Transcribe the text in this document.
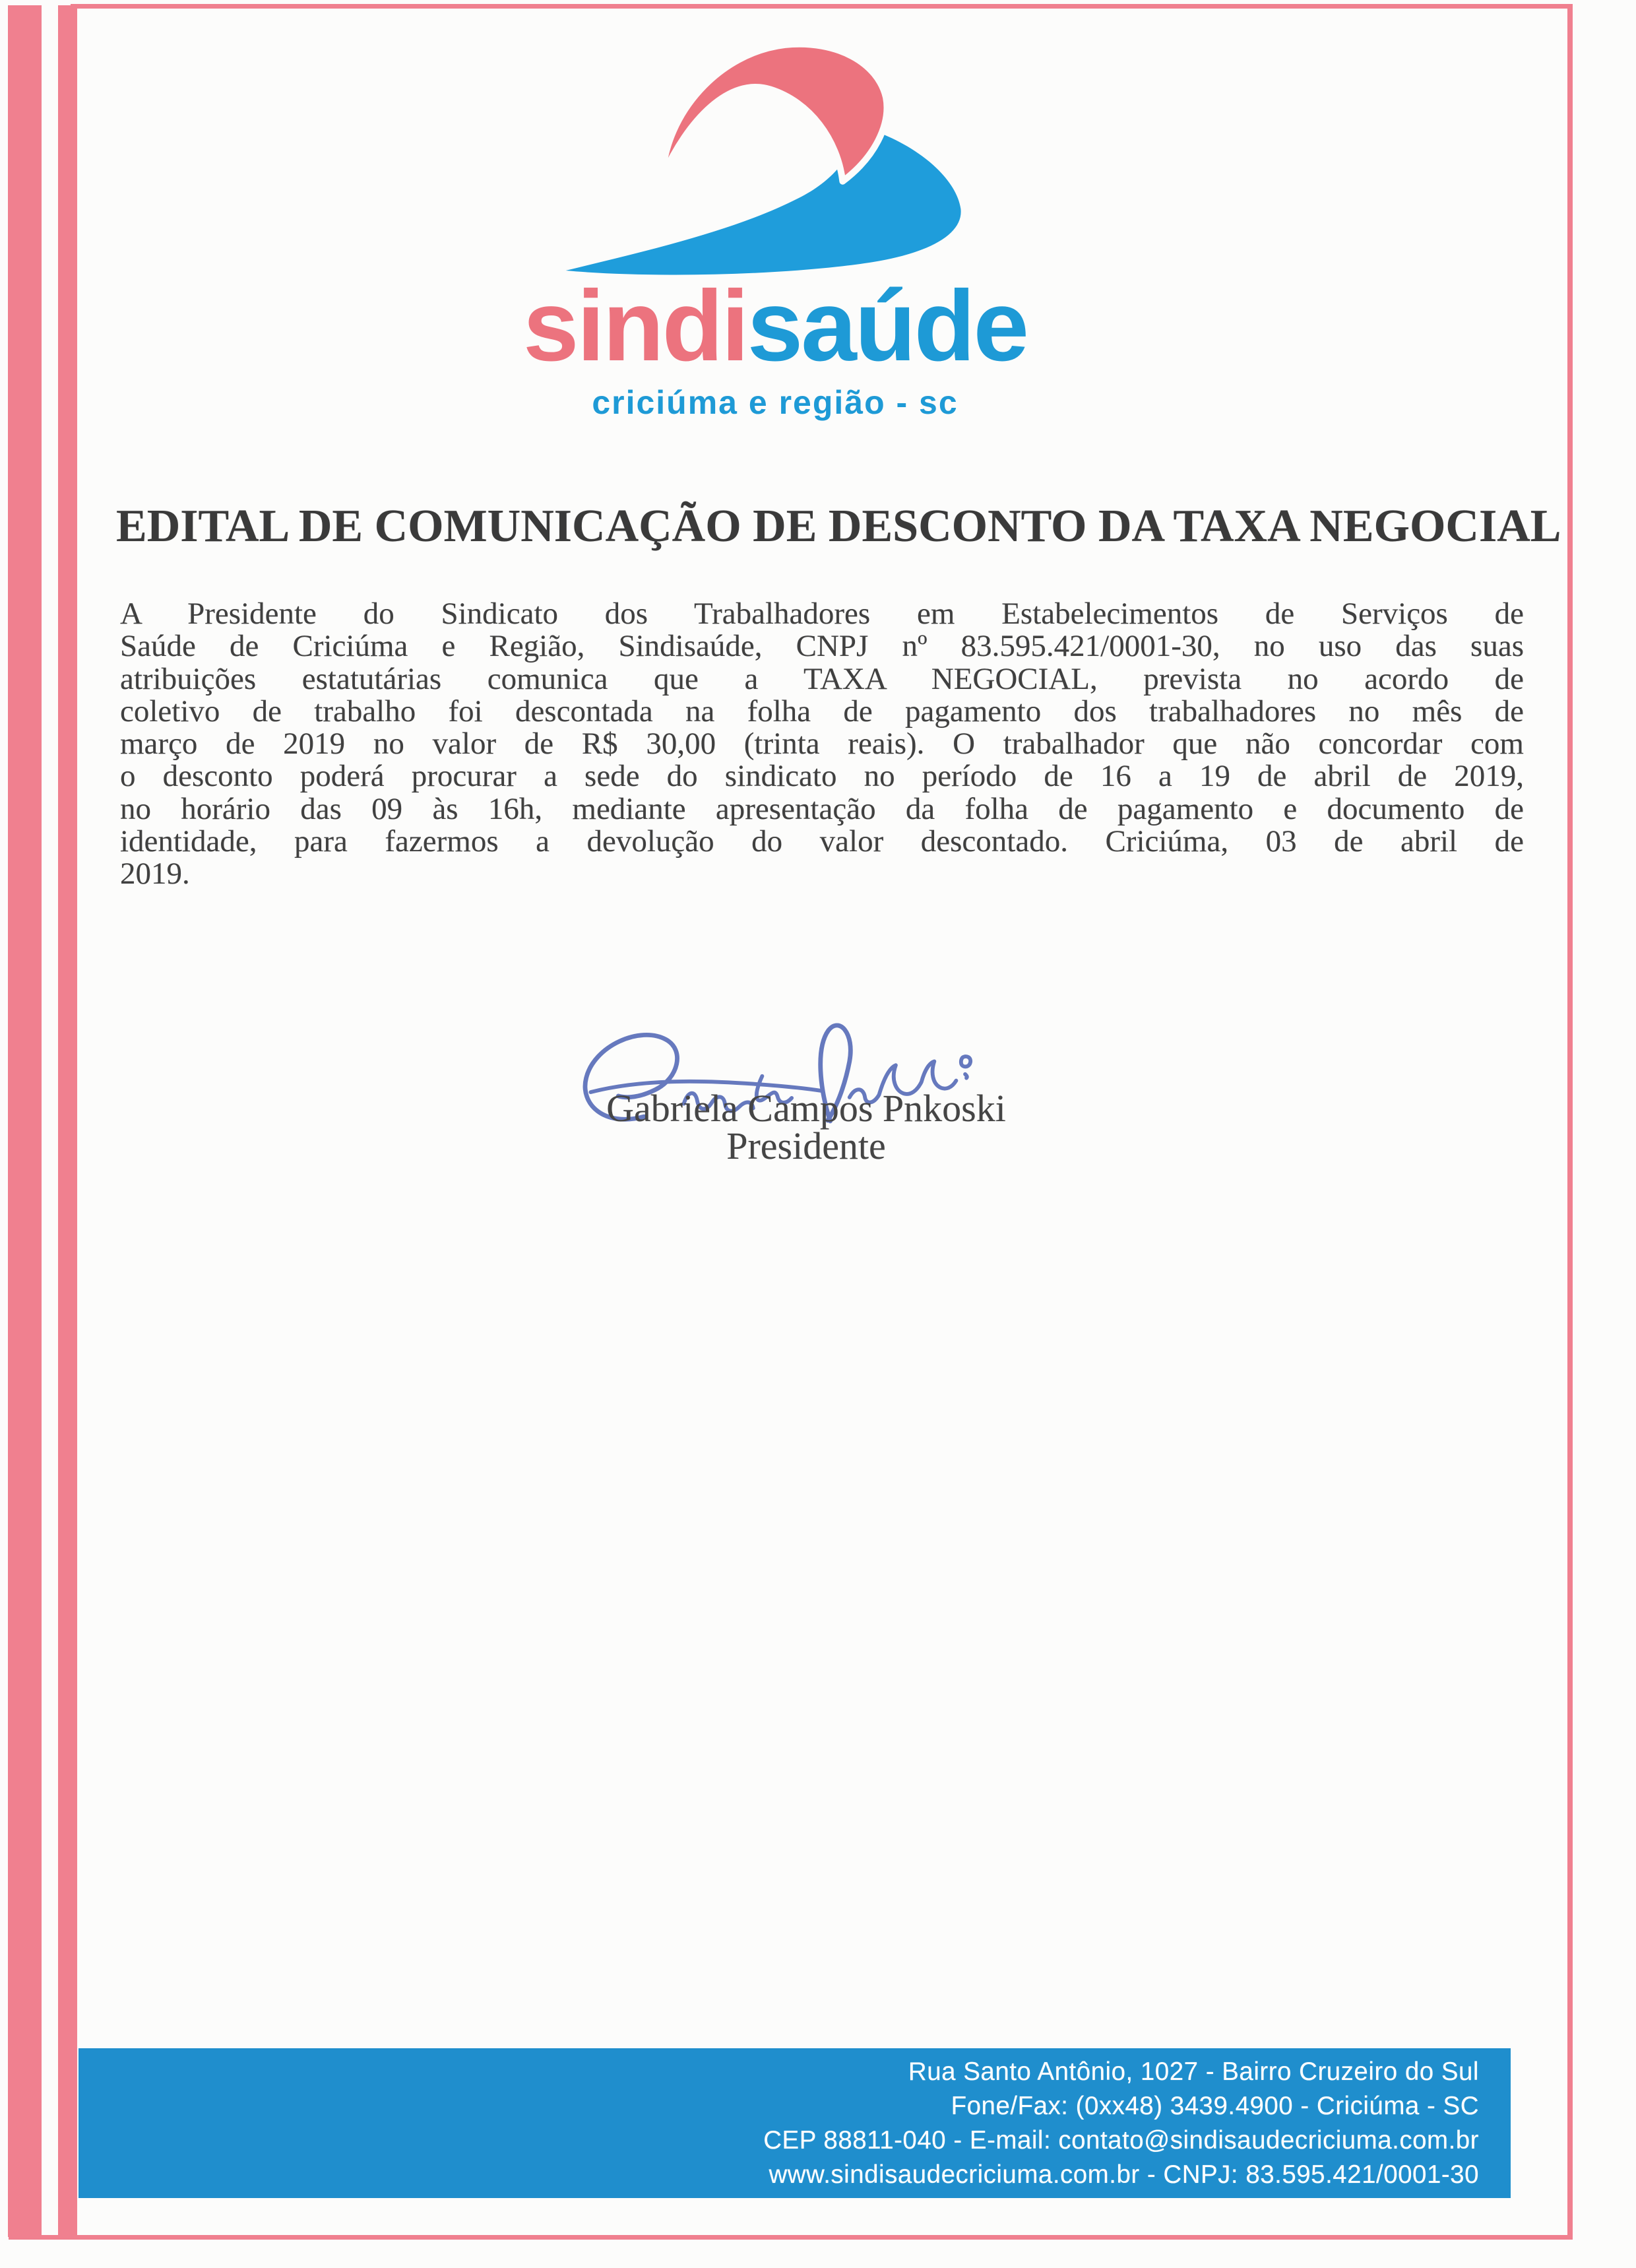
sindisaúde
criciúma e região - sc
EDITAL DE COMUNICAÇÃO DE DESCONTO DA TAXA NEGOCIAL
A Presidente do Sindicato dos Trabalhadores em Estabelecimentos de Serviços de
Saúde de Criciúma e Região, Sindisaúde, CNPJ nº 83.595.421/0001-30, no uso das suas
atribuições estatutárias comunica que a TAXA NEGOCIAL, prevista no acordo de
coletivo de trabalho foi descontada na folha de pagamento dos trabalhadores no mês de
março de 2019 no valor de R$ 30,00 (trinta reais). O trabalhador que não concordar com
o desconto poderá procurar a sede do sindicato no período de 16 a 19 de abril de 2019,
no horário das 09 às 16h, mediante apresentação da folha de pagamento e documento de
identidade, para fazermos a devolução do valor descontado. Criciúma, 03 de abril de
2019.
Gabriela Campos Pnkoski
Presidente
Rua Santo Antônio, 1027 - Bairro Cruzeiro do Sul
Fone/Fax: (0xx48) 3439.4900 - Criciúma - SC
CEP 88811-040 - E-mail: contato@sindisaudecriciuma.com.br
www.sindisaudecriciuma.com.br - CNPJ: 83.595.421/0001-30
